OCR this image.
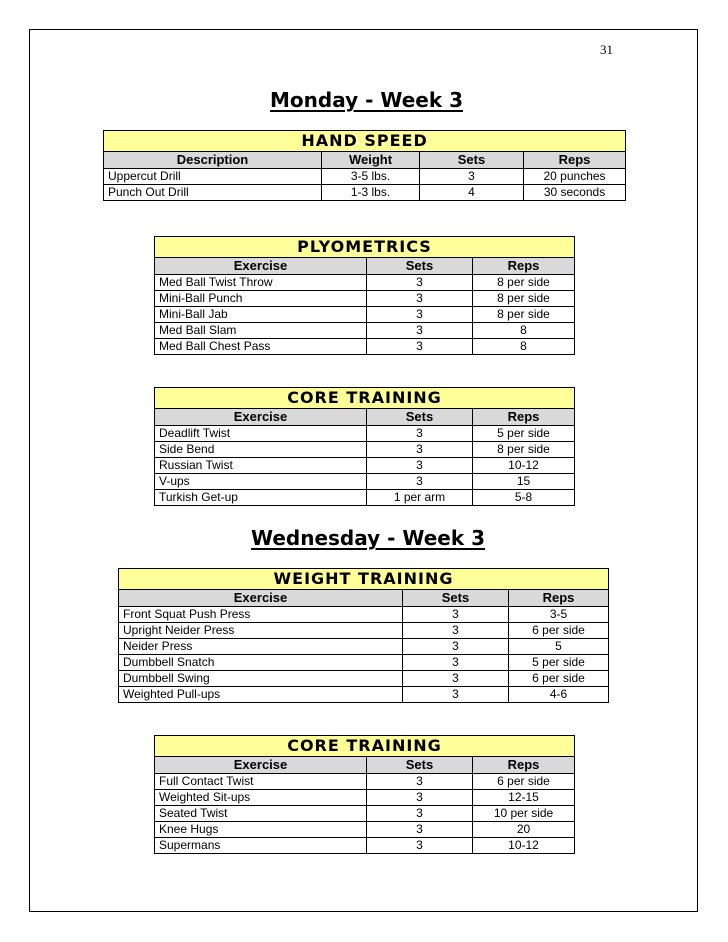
31
Monday - Week 3
HAND SPEED			
Description	Weight	Sets	Reps
Uppercut Drill	3-5 lbs.	3	20 punches
Punch Out Drill	1-3 lbs.	4	30 seconds
PLYOMETRICS		
Exercise	Sets	Reps
Med Ball Twist Throw	3	8 per side
Mini-Ball Punch	3	8 per side
Mini-Ball Jab	3	8 per side
Med Ball Slam	3	8
Med Ball Chest Pass	3	8
CORE TRAINING		
Exercise	Sets	Reps
Deadlift Twist	3	5 per side
Side Bend	3	8 per side
Russian Twist	3	10-12
V-ups	3	15
Turkish Get-up	1 per arm	5-8
Wednesday - Week 3
WEIGHT TRAINING		
Exercise	Sets	Reps
Front Squat Push Press	3	3-5
Upright Neider Press	3	6 per side
Neider Press	3	5
Dumbbell Snatch	3	5 per side
Dumbbell Swing	3	6 per side
Weighted Pull-ups	3	4-6
CORE TRAINING		
Exercise	Sets	Reps
Full Contact Twist	3	6 per side
Weighted Sit-ups	3	12-15
Seated Twist	3	10 per side
Knee Hugs	3	20
Supermans	3	10-12
